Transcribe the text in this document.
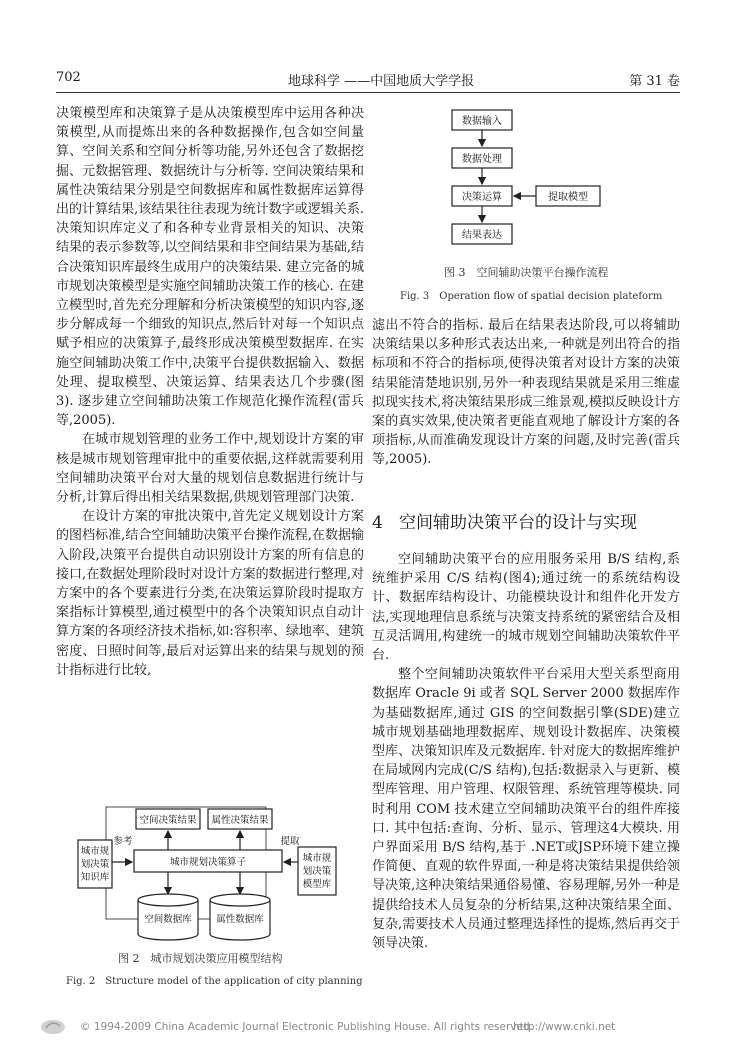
702	地球科学 ——中国地质大学学报	第 31 卷

决策模型库和决策算子是从决策模型库中运用各种决策模型,从而提炼出来的各种数据操作,包含如空间量算、空间关系和空间分析等功能,另外还包含了数据挖掘、元数据管理、数据统计与分析等. 空间决策结果和属性决策结果分别是空间数据库和属性数据库运算得出的计算结果,该结果往往表现为统计数字或逻辑关系. 决策知识库定义了和各种专业背景相关的知识、决策结果的表示参数等,以空间结果和非空间结果为基础,结合决策知识库最终生成用户的决策结果. 建立完备的城市规划决策模型是实施空间辅助决策工作的核心. 在建立模型时,首先充分理解和分析决策模型的知识内容,逐步分解成每一个细致的知识点,然后针对每一个知识点赋予相应的决策算子,最终形成决策模型数据库. 在实施空间辅助决策工作中,决策平台提供数据输入、数据处理、提取模型、决策运算、结果表达几个步骤(图3). 逐步建立空间辅助决策工作规范化操作流程(雷兵等,2005).

在城市规划管理的业务工作中,规划设计方案的审核是城市规划管理审批中的重要依据,这样就需要利用空间辅助决策平台对大量的规划信息数据进行统计与分析,计算后得出相关结果数据,供规划管理部门决策.

在设计方案的审批决策中,首先定义规划设计方案的图档标准,结合空间辅助决策平台操作流程,在数据输入阶段,决策平台提供自动识别设计方案的所有信息的接口,在数据处理阶段时对设计方案的数据进行整理,对方案中的各个要素进行分类,在决策运算阶段时提取方案指标计算模型,通过模型中的各个决策知识点自动计算方案的各项经济技术指标,如:容积率、绿地率、建筑密度、日照时间等,最后对运算出来的结果与规划的预计指标进行比较,

空间决策结果 属性决策结果
城市规
划决策
知识库
城市规划决策算子	城市规
划决策
模型库
空间数据库	属性数据库
参考	提取
图 2　城市规划决策应用模型结构
Fig. 2　Structure model of the application of city planning
数据输入
数据处理
决策运算	提取模型
结果表达
图 3　空间辅助决策平台操作流程
Fig. 3　Operation flow of spatial decision plateform

滤出不符合的指标. 最后在结果表达阶段,可以将辅助决策结果以多种形式表达出来,一种就是列出符合的指标项和不符合的指标项,使得决策者对设计方案的决策结果能清楚地识别,另外一种表现结果就是采用三维虚拟现实技术,将决策结果形成三维景观,模拟反映设计方案的真实效果,使决策者更能直观地了解设计方案的各项指标,从而准确发现设计方案的问题,及时完善(雷兵等,2005).

4 空间辅助决策平台的设计与实现

空间辅助决策平台的应用服务采用 B/S 结构,系统维护采用 C/S 结构(图4);通过统一的系统结构设计、数据库结构设计、功能模块设计和组件化开发方法,实现地理信息系统与决策支持系统的紧密结合及相互灵活调用,构建统一的城市规划空间辅助决策软件平台.

整个空间辅助决策软件平台采用大型关系型商用数据库 Oracle 9i 或者 SQL Server 2000 数据库作为基础数据库,通过 GIS 的空间数据引擎(SDE)建立城市规划基础地理数据库、规划设计数据库、决策模型库、决策知识库及元数据库. 针对庞大的数据库维护在局域网内完成(C/S 结构),包括:数据录入与更新、模型库管理、用户管理、权限管理、系统管理等模块. 同时利用 COM 技术建立空间辅助决策平台的组件库接口. 其中包括:查询、分析、显示、管理这4大模块. 用户界面采用 B/S 结构,基于 .NET或JSP环境下建立操作简便、直观的软件界面,一种是将决策结果提供给领导决策,这种决策结果通俗易懂、容易理解,另外一种是提供给技术人员复杂的分析结果,这种决策结果全面、复杂,需要技术人员通过整理选择性的提炼,然后再交于领导决策.

© 1994-2009 China Academic Journal Electronic Publishing House. All rights reserved.
http://www.cnki.net
